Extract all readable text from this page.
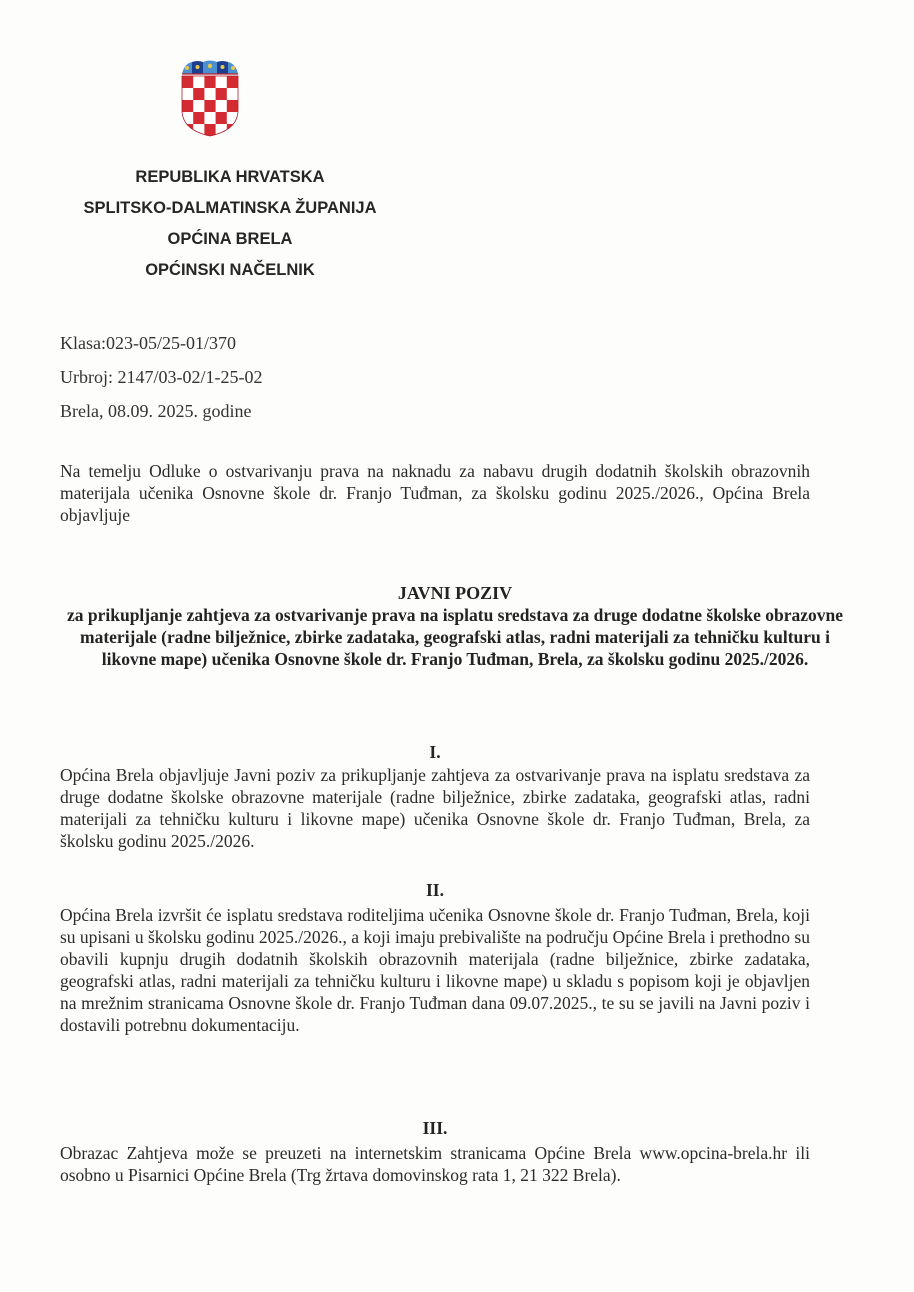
REPUBLIKA HRVATSKA
SPLITSKO-DALMATINSKA ŽUPANIJA
OPĆINA BRELA
OPĆINSKI NAČELNIK
Klasa:023-05/25-01/370
Urbroj: 2147/03-02/1-25-02
Brela, 08.09. 2025. godine
Na temelju Odluke o ostvarivanju prava na naknadu za nabavu drugih dodatnih školskih obrazovnih materijala učenika Osnovne škole dr. Franjo Tuđman, za školsku godinu 2025./2026., Općina Brela objavljuje
JAVNI POZIV
za prikupljanje zahtjeva za ostvarivanje prava na isplatu sredstava za druge dodatne školske obrazovne materijale (radne bilježnice, zbirke zadataka, geografski atlas, radni materijali za tehničku kulturu i likovne mape) učenika Osnovne škole dr. Franjo Tuđman, Brela, za školsku godinu 2025./2026.
I.
Općina Brela objavljuje Javni poziv za prikupljanje zahtjeva za ostvarivanje prava na isplatu sredstava za druge dodatne školske obrazovne materijale (radne bilježnice, zbirke zadataka, geografski atlas, radni materijali za tehničku kulturu i likovne mape) učenika Osnovne škole dr. Franjo Tuđman, Brela, za školsku godinu 2025./2026.
II.
Općina Brela izvršit će isplatu sredstava roditeljima učenika Osnovne škole dr. Franjo Tuđman, Brela, koji su upisani u školsku godinu 2025./2026., a koji imaju prebivalište na području Općine Brela i prethodno su obavili kupnju drugih dodatnih školskih obrazovnih materijala (radne bilježnice, zbirke zadataka, geografski atlas, radni materijali za tehničku kulturu i likovne mape) u skladu s popisom koji je objavljen na mrežnim stranicama Osnovne škole dr. Franjo Tuđman dana 09.07.2025., te su se javili na Javni poziv i dostavili potrebnu dokumentaciju.
III.
Obrazac Zahtjeva može se preuzeti na internetskim stranicama Općine Brela www.opcina-brela.hr ili osobno u Pisarnici Općine Brela (Trg žrtava domovinskog rata 1, 21 322 Brela).
